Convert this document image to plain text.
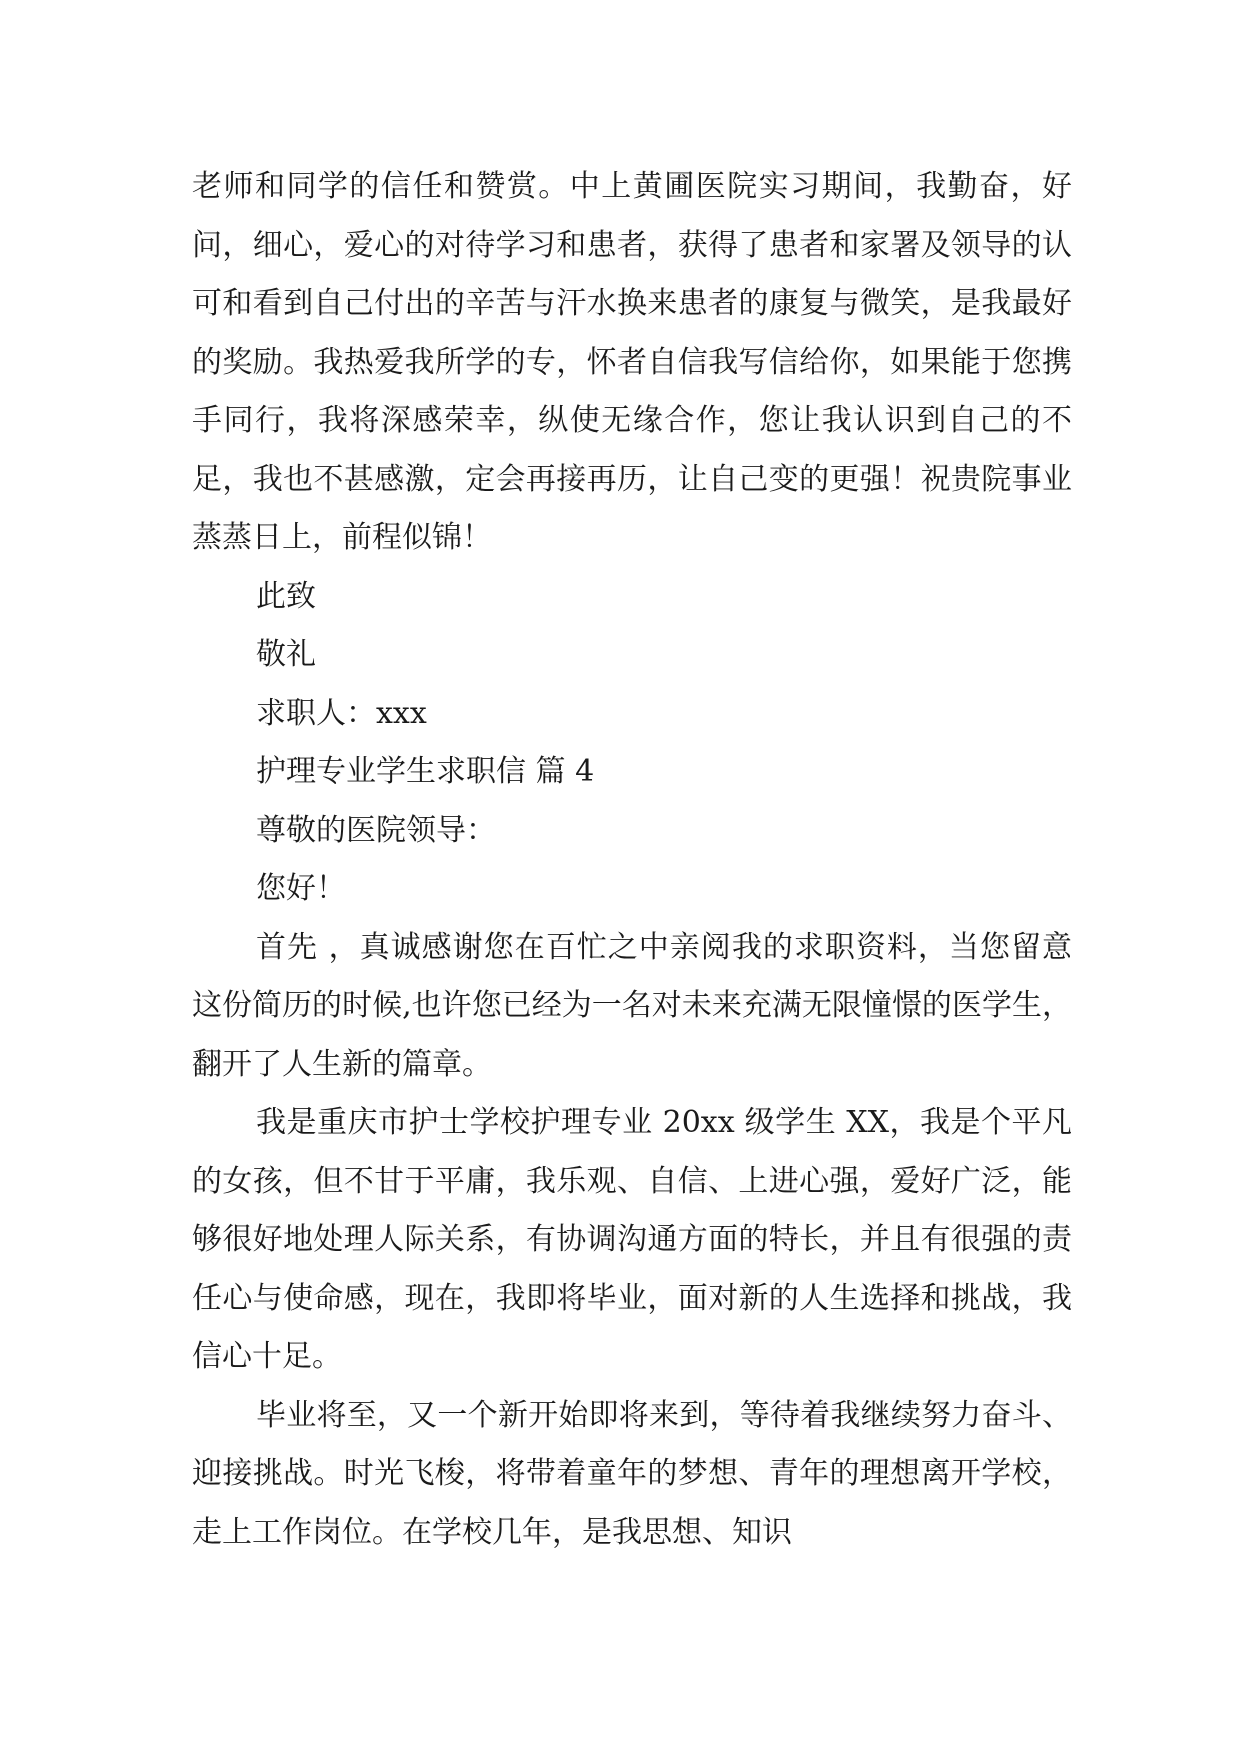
老师和同学的信任和赞赏。中上黄圃医院实习期间，我勤奋，好问，细心，爱心的对待学习和患者，获得了患者和家署及领导的认可和看到自己付出的辛苦与汗水换来患者的康复与微笑，是我最好的奖励。我热爱我所学的专，怀者自信我写信给你，如果能于您携手同行，我将深感荣幸，纵使无缘合作，您让我认识到自己的不足，我也不甚感激，定会再接再历，让自己变的更强！祝贵院事业蒸蒸日上，前程似锦！

此致

敬礼

求职人：xxx

护理专业学生求职信 篇 4

尊敬的医院领导：

您好！

首先 ，真诚感谢您在百忙之中亲阅我的求职资料，当您留意这份简历的时候,也许您已经为一名对未来充满无限憧憬的医学生，翻开了人生新的篇章。

我是重庆市护士学校护理专业 20xx 级学生 XX，我是个平凡的女孩，但不甘于平庸，我乐观、自信、上进心强，爱好广泛，能够很好地处理人际关系，有协调沟通方面的特长，并且有很强的责任心与使命感，现在，我即将毕业，面对新的人生选择和挑战，我信心十足。

毕业将至，又一个新开始即将来到，等待着我继续努力奋斗、迎接挑战。时光飞梭，将带着童年的梦想、青年的理想离开学校，走上工作岗位。在学校几年，是我思想、知识
